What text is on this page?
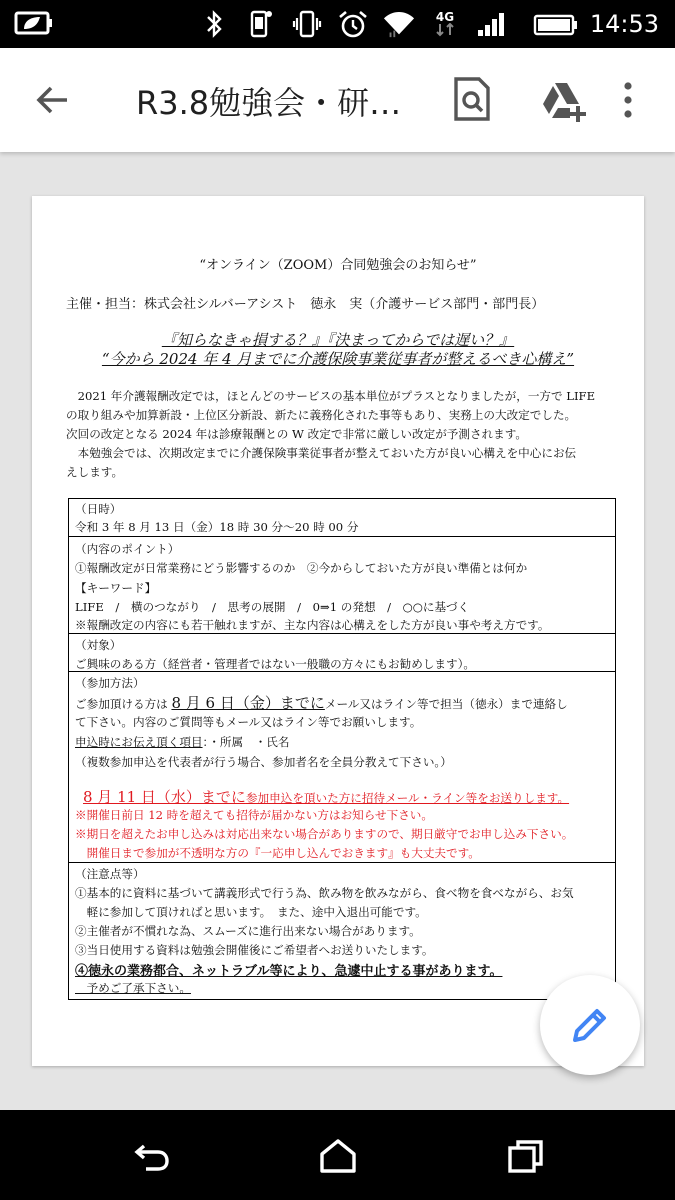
4G	14:53
R3.8勉強会・研…
“オンライン（ZOOM）合同勉強会のお知らせ”
主催・担当：株式会社シルバーアシスト　徳永　実（介護サービス部門・部門長）
『知らなきゃ損する？』『決まってからでは遅い？』
“今から 2024 年 4 月までに介護保険事業従事者が整えるべき心構え”
　2021 年介護報酬改定では，ほとんどのサービスの基本単位がプラスとなりましたが，一方で LIFE
の取り組みや加算新設・上位区分新設、新たに義務化された事等もあり、実務上の大改定でした。
次回の改定となる 2024 年は診療報酬との W 改定で非常に厳しい改定が予測されます。
　本勉強会では、次期改定までに介護保険事業従事者が整えておいた方が良い心構えを中心にお伝
えします。
（日時）
令和 3 年 8 月 13 日（金）18 時 30 分～20 時 00 分
（内容のポイント）
①報酬改定が日常業務にどう影響するのか　②今からしておいた方が良い準備とは何か
【キーワード】
LIFE　/　横のつながり　/　思考の展開　/　0⇒1 の発想　/　○○に基づく
※報酬改定の内容にも若干触れますが、主な内容は心構えをした方が良い事や考え方です。
（対象）
ご興味のある方（経営者・管理者ではない一般職の方々にもお勧めします）。
（参加方法）
ご参加頂ける方は 8 月 6 日（金）までにメール又はライン等で担当（徳永）まで連絡し
て下さい。内容のご質問等もメール又はライン等でお願いします。
申込時にお伝え頂く項目：・所属　・氏名
（複数参加申込を代表者が行う場合、参加者名を全員分教えて下さい。）
8 月 11 日（水）までに参加申込を頂いた方に招待メール・ライン等をお送りします。
※開催日前日 12 時を超えても招待が届かない方はお知らせ下さい。
※期日を超えたお申し込みは対応出来ない場合がありますので、期日厳守でお申し込み下さい。
　開催日まで参加が不透明な方の『一応申し込んでおきます』も大丈夫です。
（注意点等）
①基本的に資料に基づいて講義形式で行う為、飲み物を飲みながら、食べ物を食べながら、お気
　軽に参加して頂ければと思います。　また、途中入退出可能です。
②主催者が不慣れな為、スムーズに進行出来ない場合があります。
③当日使用する資料は勉強会開催後にご希望者へお送りいたします。
④徳永の業務都合、ネットラブル等により、急遽中止する事があります。
　予めご了承下さい。
